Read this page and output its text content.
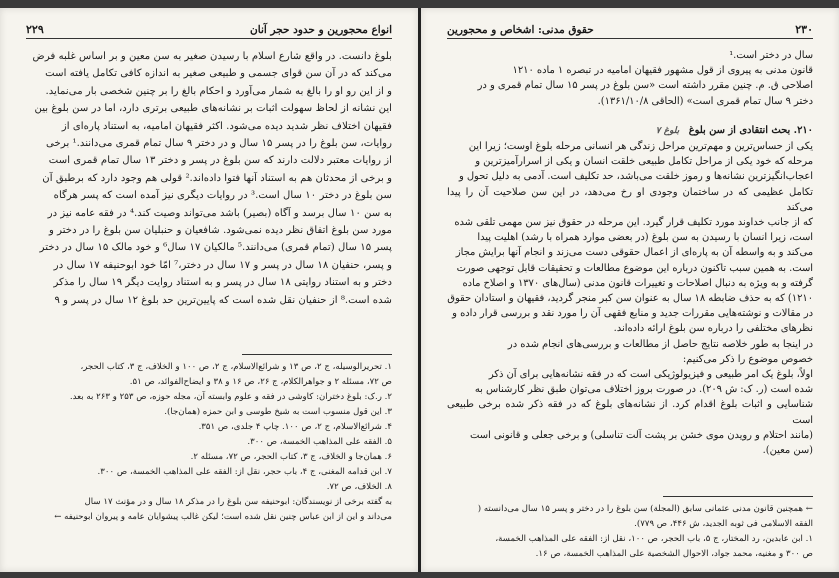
انواع محجورین و حدود حجر آنان
۲۲۹

بلوغ دانست. در واقع شارع اسلام با رسیدن صغیر به سن معین و بر اساس غلبه فرض

می‌کند که در آن سن قوای جسمی و طبیعی صغیر به اندازه کافی تکامل یافته است

و از این رو او را بالغ به شمار می‌آورد و احکام بالغ را بر چنین شخصی بار می‌نماید.

این نشانه از لحاظ سهولت اثبات بر نشانه‌های طبیعی برتری دارد، اما در سن بلوغ بین

فقیهان اختلاف نظر شدید دیده می‌شود. اکثر فقیهان امامیه، به استناد پاره‌ای از

روایات، سن بلوغ را در پسر ۱۵ سال و در دختر ۹ سال تمام قمری می‌دانند.¹ برخی

از روایات معتبر دلالت دارند که سن بلوغ در پسر و دختر ۱۳ سال تمام قمری است

و برخی از محدثان هم به استناد آنها فتوا داده‌اند.² قولی هم وجود دارد که برطبق آن

سن بلوغ در دختر ۱۰ سال است.³ در روایات دیگری نیز آمده است که پسر هرگاه

به سن ۱۰ سال برسد و آگاه (بصیر) باشد می‌تواند وصیت کند.⁴ در فقه عامه نیز در

مورد سن بلوغ اتفاق نظر دیده نمی‌شود. شافعیان و حنبلیان سن بلوغ را در دختر و

پسر ۱۵ سال (تمام قمری) می‌دانند.⁵ مالکیان ۱۷ سال⁶ و خود مالک ۱۵ سال در دختر

و پسر، حنفیان ۱۸ سال در پسر و ۱۷ سال در دختر،⁷ امّا خود ابوحنیفه ۱۷ سال در

دختر و به استناد روایتی ۱۸ سال در پسر و به استناد روایت دیگر ۱۹ سال را مذکر

شده است.⁸ از حنفیان نقل شده است که پایین‌ترین حد بلوغ ۱۲ سال در پسر و ۹

۱. تحریرالوسیله، ج ۲، ص ۱۳ و شرائع‌الاسلام، ج ۲، ص ۱۰۰ و الخلاف، ج ۳، کتاب الحجر،
ص ۷۲، مسئله ۲ و جواهرالکلام، ج ۲۶، ص ۱۶ و ۳۸ و ایضاح‌الفوائد، ص ۵۱.
۲. ر.ک: بلوغ دختران: کاوشی در فقه و علوم وابسته آن، مجله حوزه، ص ۲۵۳ و ۲۶۳ به بعد.
۳. این قول منسوب است به شیخ طوسی و ابن حمزه (همان‌جا).
۴. شرائع‌الاسلام، ج ۲، ص ۱۰۰. چاپ ۴ جلدی، ص ۳۵۱.
۵. الفقه علی المذاهب الخمسة، ص ۳۰۰.
۶. همان‌جا و الخلاف، ج ۳، کتاب الحجر، ص ۷۲، مسئله ۲.
۷. ابن قدامه المغنی، ج ۴، باب حجر، نقل از: الفقه علی المذاهب الخمسة، ص ۳۰۰.
۸. الخلاف، ص ۷۲.
به گفته برخی از نویسندگان: ابوحنیفه سن بلوغ را در مذکر ۱۸ سال و در مؤنث ۱۷ سال
می‌داند و این از ابن عباس چنین نقل شده است؛ لیکن غالب پیشوایان عامه و پیروان ابوحنیفه ←
۲۳۰
حقوق مدنی: اشخاص و محجورین

سال در دختر است.¹

قانون مدنی به پیروی از قول مشهور فقیهان امامیه در تبصره ۱ ماده ۱۲۱۰

اصلاحی ق. م. چنین مقرر داشته است «سن بلوغ در پسر ۱۵ سال تمام قمری و در

دختر ۹ سال تمام قمری است» (الحاقی ۱۳۶۱/۱۰/۸).

۲۱۰. بحث انتقادی از سن بلوغ بلوغ ۷

یکی از حساس‌ترین و مهم‌ترین مراحل زندگی هر انسانی مرحله بلوغ اوست؛ زیرا این

مرحله که خود یکی از مراحل تکامل طبیعی خلقت انسان و یکی از اسرارآمیزترین و

اعجاب‌انگیزترین نشانه‌ها و رموز خلقت می‌باشد، حد تکلیف است. آدمی به دلیل تحول و

تکامل عظیمی که در ساختمان وجودی او رخ می‌دهد، در این سن صلاحیت آن را پیدا می‌کند

که از جانب خداوند مورد تکلیف قرار گیرد. این مرحله در حقوق نیز سن مهمی تلقی شده

است، زیرا انسان با رسیدن به سن بلوغ (در بعضی موارد همراه با رشد) اهلیت پیدا

می‌کند و به واسطه آن به پاره‌ای از اعمال حقوقی دست می‌زند و انجام آنها برایش مجاز

است. به همین سبب تاکنون درباره این موضوع مطالعات و تحقیقات قابل توجهی صورت

گرفته و به ویژه به دنبال اصلاحات و تغییرات قانون مدنی (سال‌های ۱۳۷۰ و اصلاح ماده

۱۲۱۰) که به حذف ضابطه ۱۸ سال به عنوان سن کبر منجر گردید، فقیهان و استادان حقوق

در مقالات و نوشته‌هایی مقررات جدید و منابع فقهی آن را مورد نقد و بررسی قرار داده و

نظرهای مختلفی را درباره سن بلوغ ارائه داده‌اند.

در اینجا به طور خلاصه نتایج حاصل از مطالعات و بررسی‌های انجام شده در

خصوص موضوع را ذکر می‌کنیم:

اولاً، بلوغ یک امر طبیعی و فیزیولوژیکی است که در فقه نشانه‌هایی برای آن ذکر

شده است (ر. ک: ش ۲۰۹). در صورت بروز اختلاف می‌توان طبق نظر کارشناس به

شناسایی و اثبات بلوغ اقدام کرد. از نشانه‌های بلوغ که در فقه ذکر شده برخی طبیعی است

(مانند احتلام و رویدن موی خشن بر پشت آلت تناسلی) و برخی جعلی و قانونی است

(سن معین).

← همچنین قانون مدنی عثمانی سابق (المجلة) سن بلوغ را در دختر و پسر ۱۵ سال می‌دانسته (
الفقه الاسلامی فی ثوبه الجدید، ش ۴۴۶، ص ۷۷۹).
۱. ابن عابدین، رد المختار، ج ۵، باب الحجر، ص ۱۰۰، نقل از: الفقه علی المذاهب الخمسة،
ص ۳۰۰ و مغنیه، محمد جواد، الاحوال الشخصیة علی المذاهب الخمسة، ص ۱۶.
